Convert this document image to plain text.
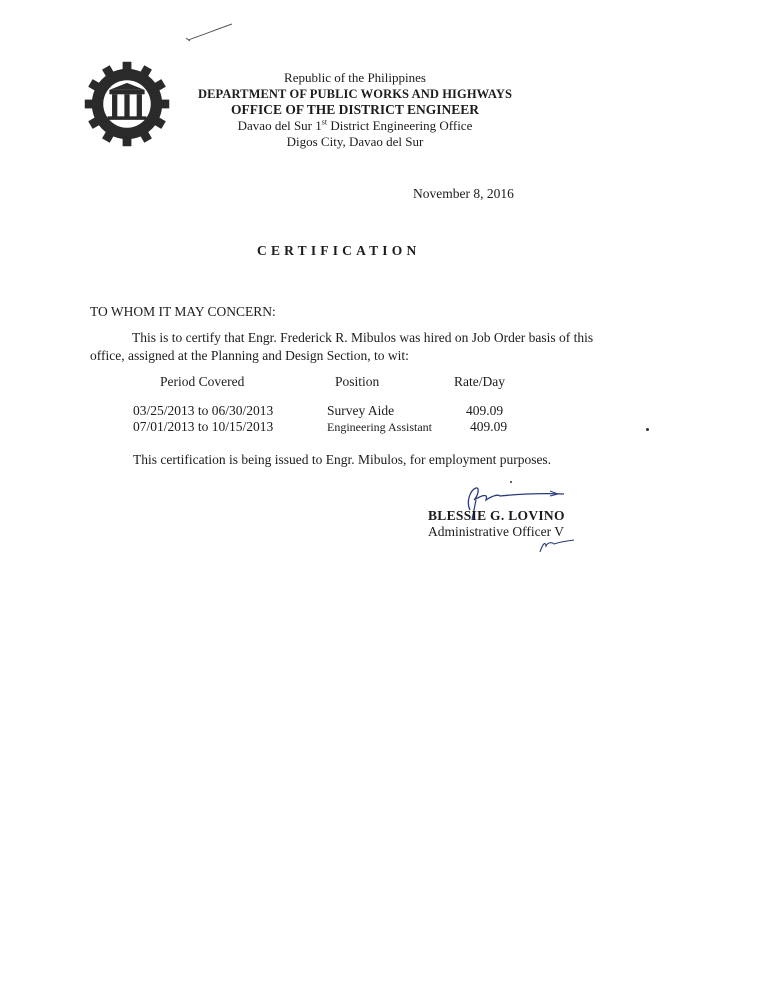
Republic of the Philippines
DEPARTMENT OF PUBLIC WORKS AND HIGHWAYS
OFFICE OF THE DISTRICT ENGINEER
Davao del Sur 1st District Engineering Office
Digos City, Davao del Sur
November 8, 2016
CERTIFICATION
TO WHOM IT MAY CONCERN:
This is to certify that Engr. Frederick R. Mibulos was hired on Job Order basis of this
office, assigned at the Planning and Design Section, to wit:
Period Covered	Position	Rate/Day
03/25/2013 to 06/30/2013	Survey Aide	409.09
07/01/2013 to 10/15/2013	Engineering Assistant	409.09
This certification is being issued to Engr. Mibulos, for employment purposes.
BLESSIE G. LOVINO
Administrative Officer V
